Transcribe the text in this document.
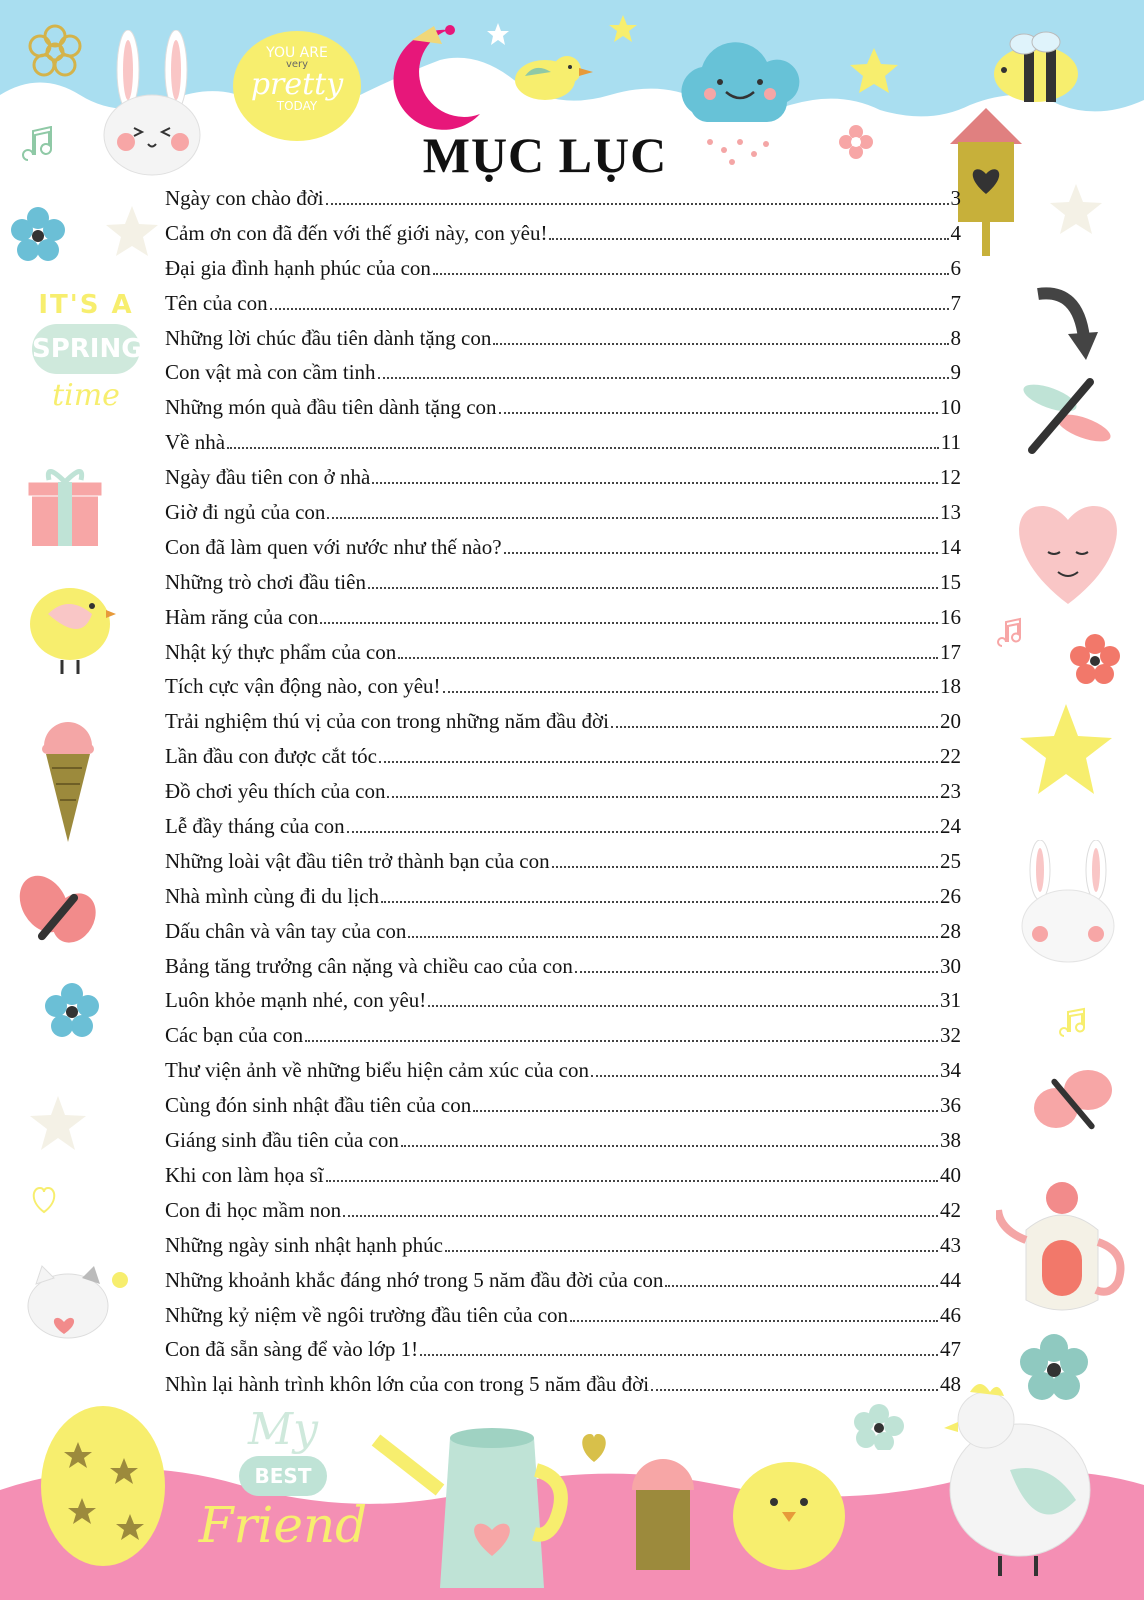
YOU ARE
very
pretty
TODAY
IT'S A
SPRING
time
My
BEST
Friend
MỤC LỤC
Ngày con chào đời	3
Cảm ơn con đã đến với thế giới này, con yêu!	4
Đại gia đình hạnh phúc của con	6
Tên của con	7
Những lời chúc đầu tiên dành tặng con	8
Con vật mà con cầm tinh	9
Những món quà đầu tiên dành tặng con	10
Về nhà	11
Ngày đầu tiên con ở nhà	12
Giờ đi ngủ của con	13
Con đã làm quen với nước như thế nào?	14
Những trò chơi đầu tiên	15
Hàm răng của con	16
Nhật ký thực phẩm của con	17
Tích cực vận động nào, con yêu!	18
Trải nghiệm thú vị của con trong những năm đầu đời	20
Lần đầu con được cắt tóc	22
Đồ chơi yêu thích của con	23
Lễ đầy tháng của con	24
Những loài vật đầu tiên trở thành bạn của con	25
Nhà mình cùng đi du lịch	26
Dấu chân và vân tay của con	28
Bảng tăng trưởng cân nặng và chiều cao của con	30
Luôn khỏe mạnh nhé, con yêu!	31
Các bạn của con	32
Thư viện ảnh về những biểu hiện cảm xúc của con	34
Cùng đón sinh nhật đầu tiên của con	36
Giáng sinh đầu tiên của con	38
Khi con làm họa sĩ	40
Con đi học mầm non	42
Những ngày sinh nhật hạnh phúc	43
Những khoảnh khắc đáng nhớ trong 5 năm đầu đời của con	44
Những kỷ niệm về ngôi trường đầu tiên của con	46
Con đã sẵn sàng để vào lớp 1!	47
Nhìn lại hành trình khôn lớn của con trong 5 năm đầu đời	48
